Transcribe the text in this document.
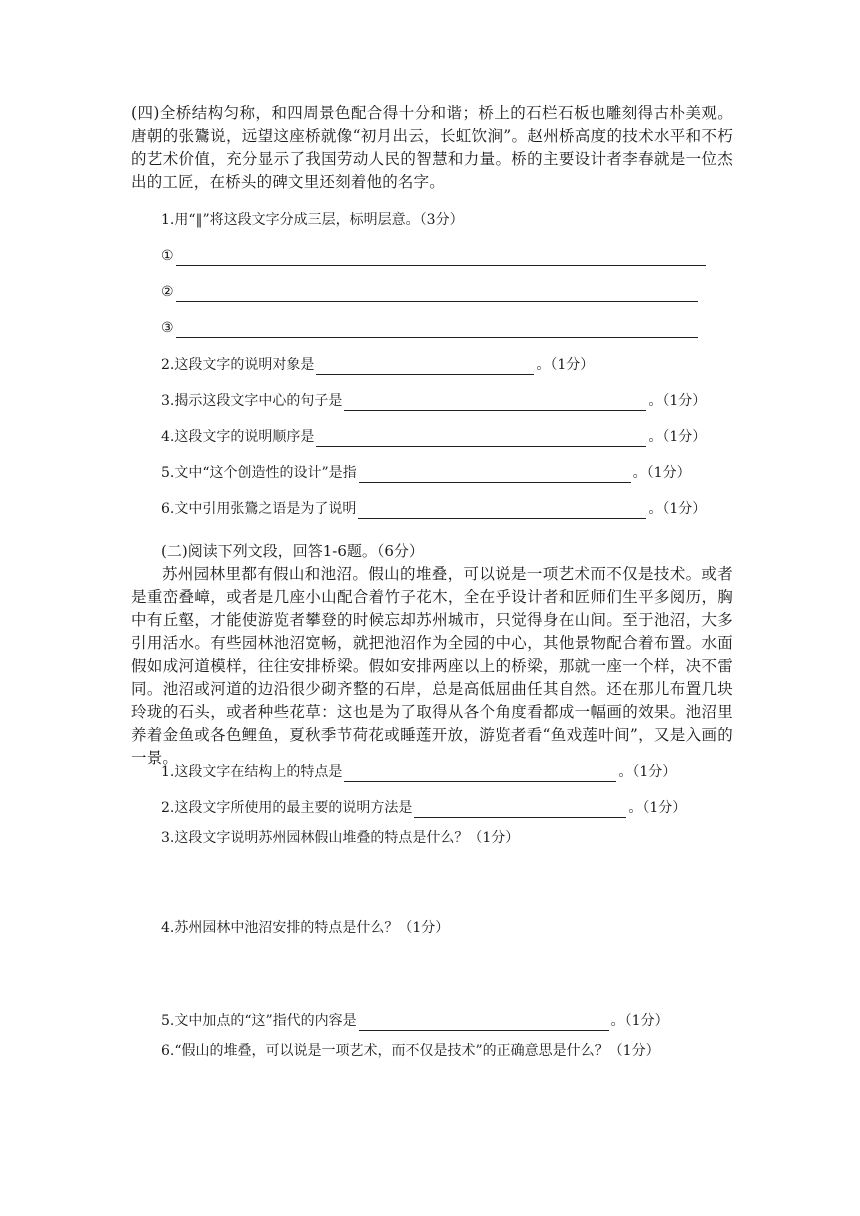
(四)全桥结构匀称，和四周景色配合得十分和谐；桥上的石栏石板也雕刻得古朴美观。唐朝的张鷟说，远望这座桥就像“初月出云，长虹饮涧”。赵州桥高度的技术水平和不朽的艺术价值，充分显示了我国劳动人民的智慧和力量。桥的主要设计者李春就是一位杰出的工匠，在桥头的碑文里还刻着他的名字。

1.用“‖”将这段文字分成三层，标明层意。（3分）
①
②
③
2.这段文字的说明对象是	。（1分）
3.揭示这段文字中心的句子是	。（1分）
4.这段文字的说明顺序是	。（1分）
5.文中“这个创造性的设计”是指	。（1分）
6.文中引用张鷟之语是为了说明	。（1分）
(二)阅读下列文段，回答1-6题。（6分）

苏州园林里都有假山和池沼。假山的堆叠，可以说是一项艺术而不仅是技术。或者是重峦叠嶂，或者是几座小山配合着竹子花木，全在乎设计者和匠师们生平多阅历，胸中有丘壑，才能使游览者攀登的时候忘却苏州城市，只觉得身在山间。至于池沼，大多引用活水。有些园林池沼宽畅，就把池沼作为全园的中心，其他景物配合着布置。水面假如成河道模样，往往安排桥梁。假如安排两座以上的桥梁，那就一座一个样，决不雷同。池沼或河道的边沿很少砌齐整的石岸，总是高低屈曲任其自然。还在那儿布置几块玲珑的石头，或者种些花草：这也是为了取得从各个角度看都成一幅画的效果。池沼里养着金鱼或各色鲤鱼，夏秋季节荷花或睡莲开放，游览者看“鱼戏莲叶间”，又是入画的一景。

1.这段文字在结构上的特点是	。（1分）
2.这段文字所使用的最主要的说明方法是	。（1分）
3.这段文字说明苏州园林假山堆叠的特点是什么？（1分）
4.苏州园林中池沼安排的特点是什么？（1分）
5.文中加点的“这”指代的内容是	。（1分）
6.“假山的堆叠，可以说是一项艺术，而不仅是技术”的正确意思是什么？（1分）
